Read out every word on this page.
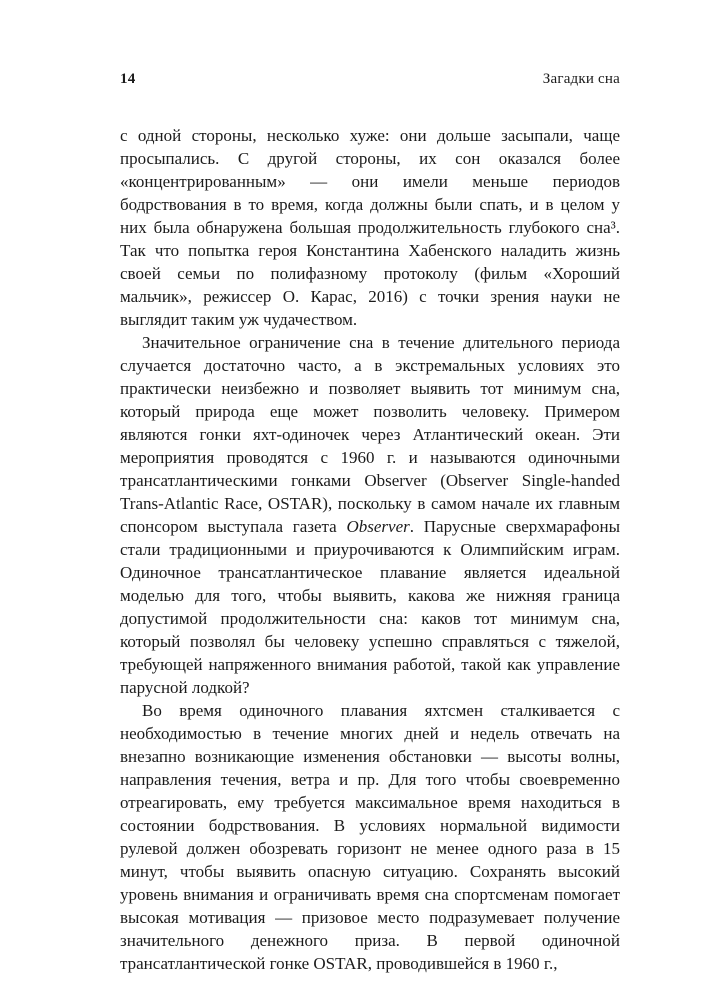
14	Загадки сна

с одной стороны, несколько хуже: они дольше засыпали, чаще просыпались. С другой стороны, их сон оказался более «концентрированным» — они имели меньше периодов бодрствования в то время, когда должны были спать, и в целом у них была обнаружена большая продолжительность глубокого сна³. Так что попытка героя Константина Хабенского наладить жизнь своей семьи по полифазному протоколу (фильм «Хороший мальчик», режиссер О. Карас, 2016) с точки зрения науки не выглядит таким уж чудачеством.

Значительное ограничение сна в течение длительного периода случается достаточно часто, а в экстремальных условиях это практически неизбежно и позволяет выявить тот минимум сна, который природа еще может позволить человеку. Примером являются гонки яхт-одиночек через Атлантический океан. Эти мероприятия проводятся с 1960 г. и называются одиночными трансатлантическими гонками Observer (Observer Single-handed Trans-Atlantic Race, OSTAR), поскольку в самом начале их главным спонсором выступала газета Observer. Парусные сверхмарафоны стали традиционными и приурочиваются к Олимпийским играм. Одиночное трансатлантическое плавание является идеальной моделью для того, чтобы выявить, какова же нижняя граница допустимой продолжительности сна: каков тот минимум сна, который позволял бы человеку успешно справляться с тяжелой, требующей напряженного внимания работой, такой как управление парусной лодкой?

Во время одиночного плавания яхтсмен сталкивается с необходимостью в течение многих дней и недель отвечать на внезапно возникающие изменения обстановки — высоты волны, направления течения, ветра и пр. Для того чтобы своевременно отреагировать, ему требуется максимальное время находиться в состоянии бодрствования. В условиях нормальной видимости рулевой должен обозревать горизонт не менее одного раза в 15 минут, чтобы выявить опасную ситуацию. Сохранять высокий уровень внимания и ограничивать время сна спортсменам помогает высокая мотивация — призовое место подразумевает получение значительного денежного приза. В первой одиночной трансатлантической гонке OSTAR, проводившейся в 1960 г.,
